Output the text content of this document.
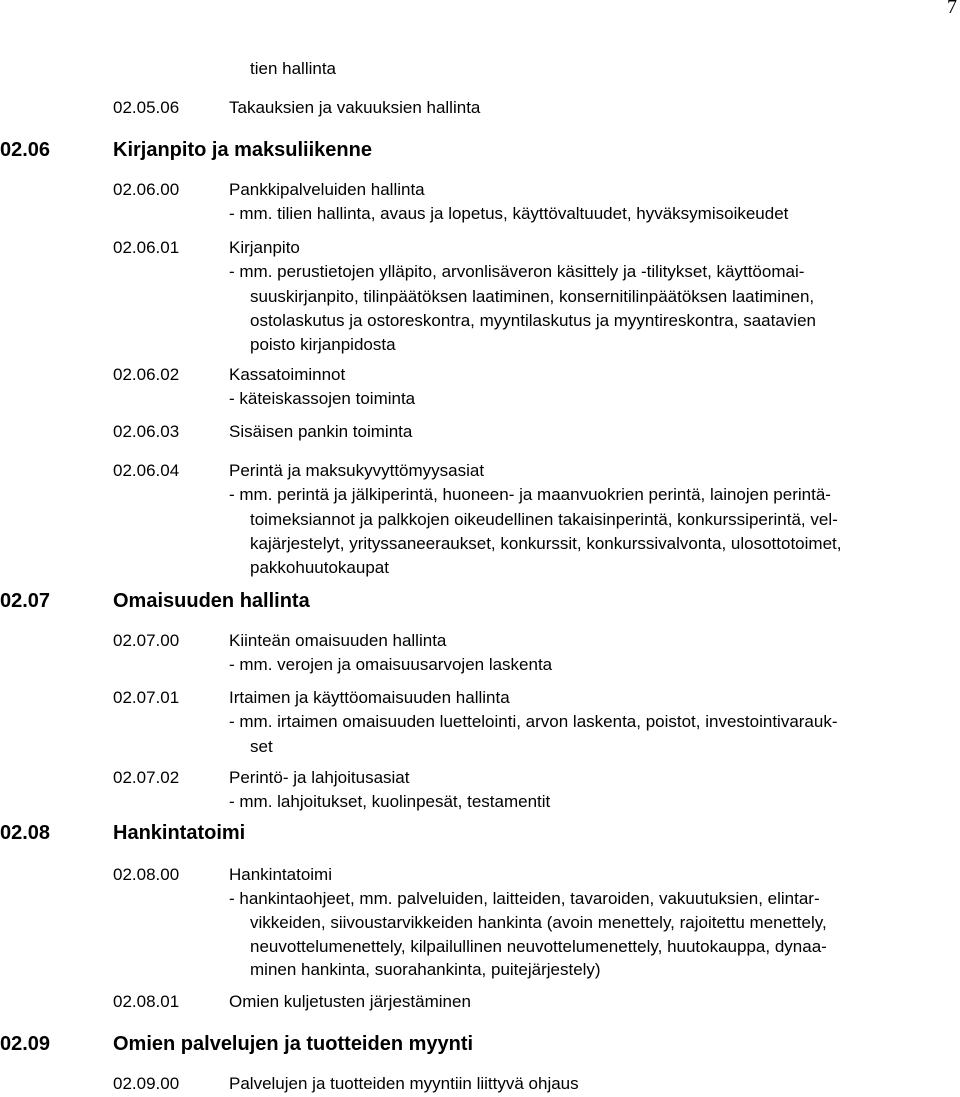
7
tien hallinta
02.05.06	Takauksien ja vakuuksien hallinta
02.06	Kirjanpito ja maksuliikenne
02.06.00	Pankkipalveluiden hallinta
- mm. tilien hallinta, avaus ja lopetus, käyttövaltuudet, hyväksymisoikeudet
02.06.01	Kirjanpito
- mm. perustietojen ylläpito, arvonlisäveron käsittely ja -tilitykset, käyttöomai-
suuskirjanpito, tilinpäätöksen laatiminen, konsernitilinpäätöksen laatiminen,
ostolaskutus ja ostoreskontra, myyntilaskutus ja myyntireskontra, saatavien
poisto kirjanpidosta
02.06.02	Kassatoiminnot
- käteiskassojen toiminta
02.06.03	Sisäisen pankin toiminta
02.06.04	Perintä ja maksukyvyttömyysasiat
- mm. perintä ja jälkiperintä, huoneen- ja maanvuokrien perintä, lainojen perintä-
toimeksiannot ja palkkojen oikeudellinen takaisinperintä, konkurssiperintä, vel-
kajärjestelyt, yrityssaneeraukset, konkurssit, konkurssivalvonta, ulosottotoimet,
pakkohuutokaupat
02.07	Omaisuuden hallinta
02.07.00	Kiinteän omaisuuden hallinta
- mm. verojen ja omaisuusarvojen laskenta
02.07.01	Irtaimen ja käyttöomaisuuden hallinta
- mm. irtaimen omaisuuden luettelointi, arvon laskenta, poistot, investointivarauk-
set
02.07.02	Perintö- ja lahjoitusasiat
- mm. lahjoitukset, kuolinpesät, testamentit
02.08	Hankintatoimi
02.08.00	Hankintatoimi
- hankintaohjeet, mm. palveluiden, laitteiden, tavaroiden, vakuutuksien, elintar-
vikkeiden, siivoustarvikkeiden hankinta (avoin menettely, rajoitettu menettely,
neuvottelumenettely, kilpailullinen neuvottelumenettely, huutokauppa, dynaa-
minen hankinta, suorahankinta, puitejärjestely)
02.08.01	Omien kuljetusten järjestäminen
02.09	Omien palvelujen ja tuotteiden myynti
02.09.00	Palvelujen ja tuotteiden myyntiin liittyvä ohjaus
